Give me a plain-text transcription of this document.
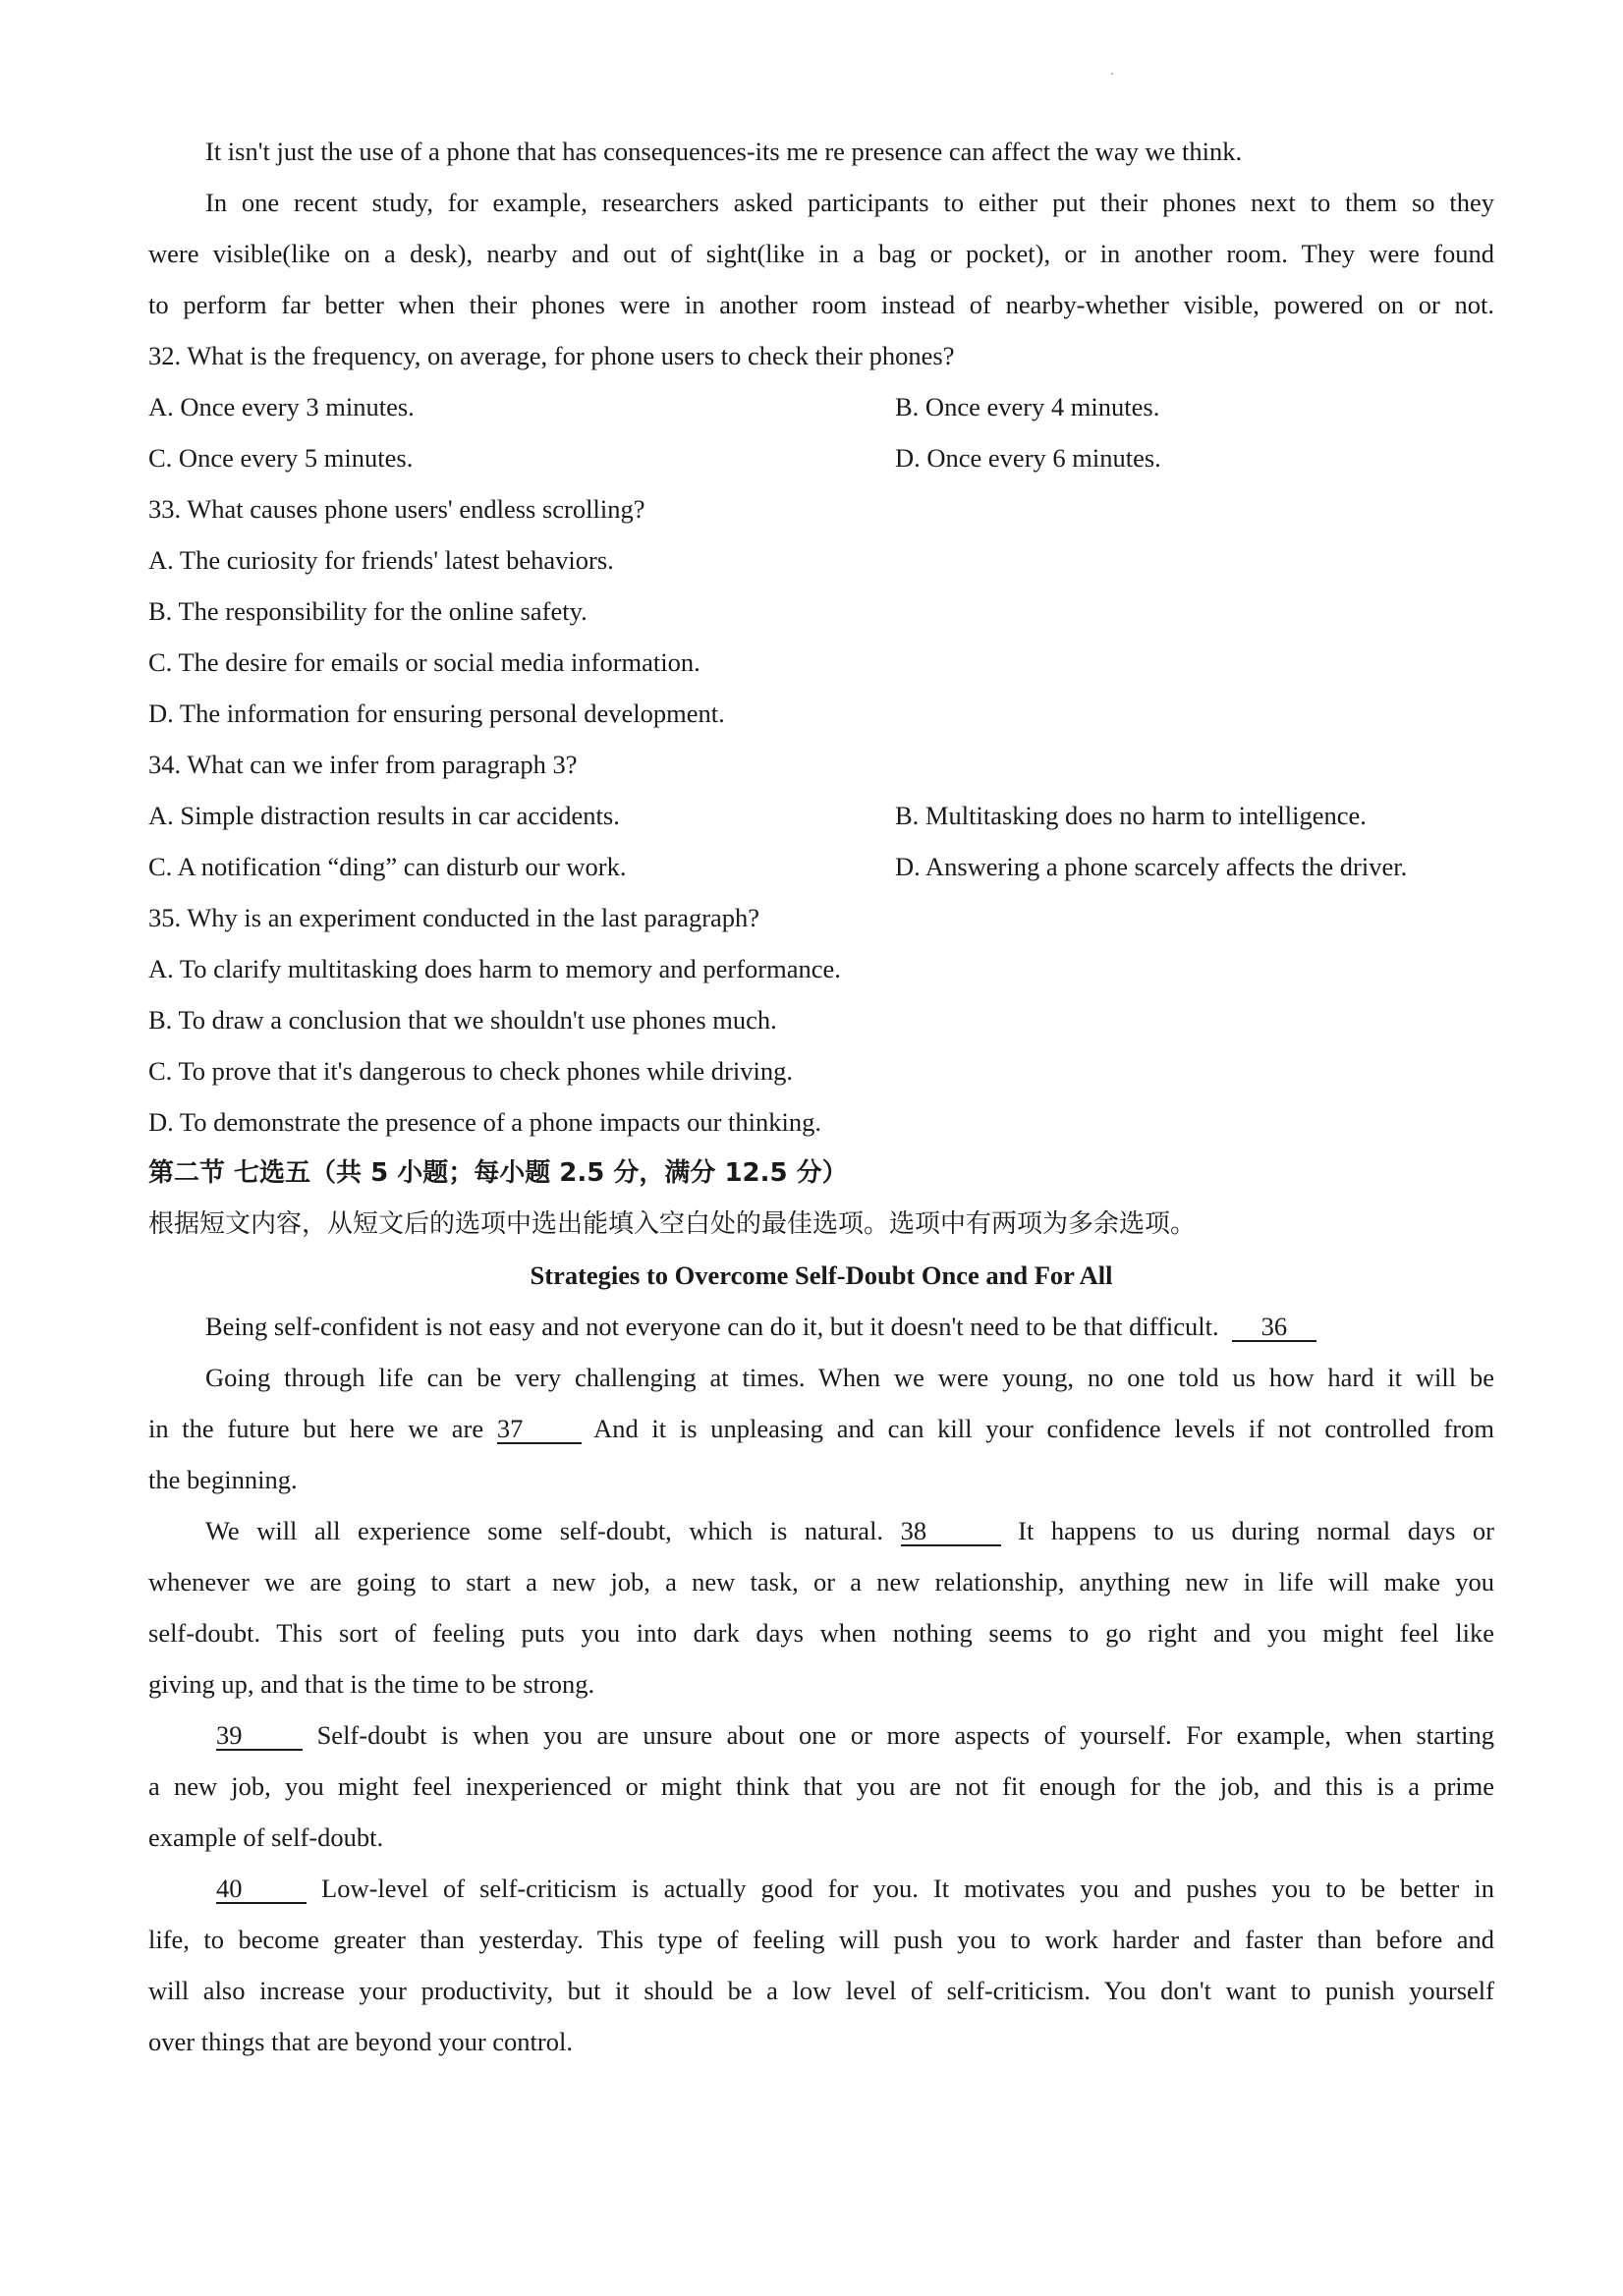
It isn't just the use of a phone that has consequences-its me re presence can affect the way we think.
In one recent study, for example, researchers asked participants to either put their phones next to them so they
were visible(like on a desk), nearby and out of sight(like in a bag or pocket), or in another room. They were found
to perform far better when their phones were in another room instead of nearby-whether visible, powered on or not.
32. What is the frequency, on average, for phone users to check their phones?
A. Once every 3 minutes.	B. Once every 4 minutes.
C. Once every 5 minutes.	D. Once every 6 minutes.
33. What causes phone users' endless scrolling?
A. The curiosity for friends' latest behaviors.
B. The responsibility for the online safety.
C. The desire for emails or social media information.
D. The information for ensuring personal development.
34. What can we infer from paragraph 3?
A. Simple distraction results in car accidents.	B. Multitasking does no harm to intelligence.
C. A notification “ding” can disturb our work.	D. Answering a phone scarcely affects the driver.
35. Why is an experiment conducted in the last paragraph?
A. To clarify multitasking does harm to memory and performance.
B. To draw a conclusion that we shouldn't use phones much.
C. To prove that it's dangerous to check phones while driving.
D. To demonstrate the presence of a phone impacts our thinking.
第二节 七选五（共 5 小题；每小题 2.5 分，满分 12.5 分）
根据短文内容，从短文后的选项中选出能填入空白处的最佳选项。选项中有两项为多余选项。
Strategies to Overcome Self-Doubt Once and For All
Being self-confident is not easy and not everyone can do it, but it doesn't need to be that difficult. 36
Going through life can be very challenging at times. When we were young, no one told us how hard it will be
in the future but here we are 37	And it is unpleasing and can kill your confidence levels if not controlled from
the beginning.
We will all experience some self-doubt, which is natural. 38	It happens to us during normal days or
whenever we are going to start a new job, a new task, or a new relationship, anything new in life will make you
self-doubt. This sort of feeling puts you into dark days when nothing seems to go right and you might feel like
giving up, and that is the time to be strong.
39	Self-doubt is when you are unsure about one or more aspects of yourself. For example, when starting
a new job, you might feel inexperienced or might think that you are not fit enough for the job, and this is a prime
example of self-doubt.
40	Low-level of self-criticism is actually good for you. It motivates you and pushes you to be better in
life, to become greater than yesterday. This type of feeling will push you to work harder and faster than before and
will also increase your productivity, but it should be a low level of self-criticism. You don't want to punish yourself
over things that are beyond your control.
